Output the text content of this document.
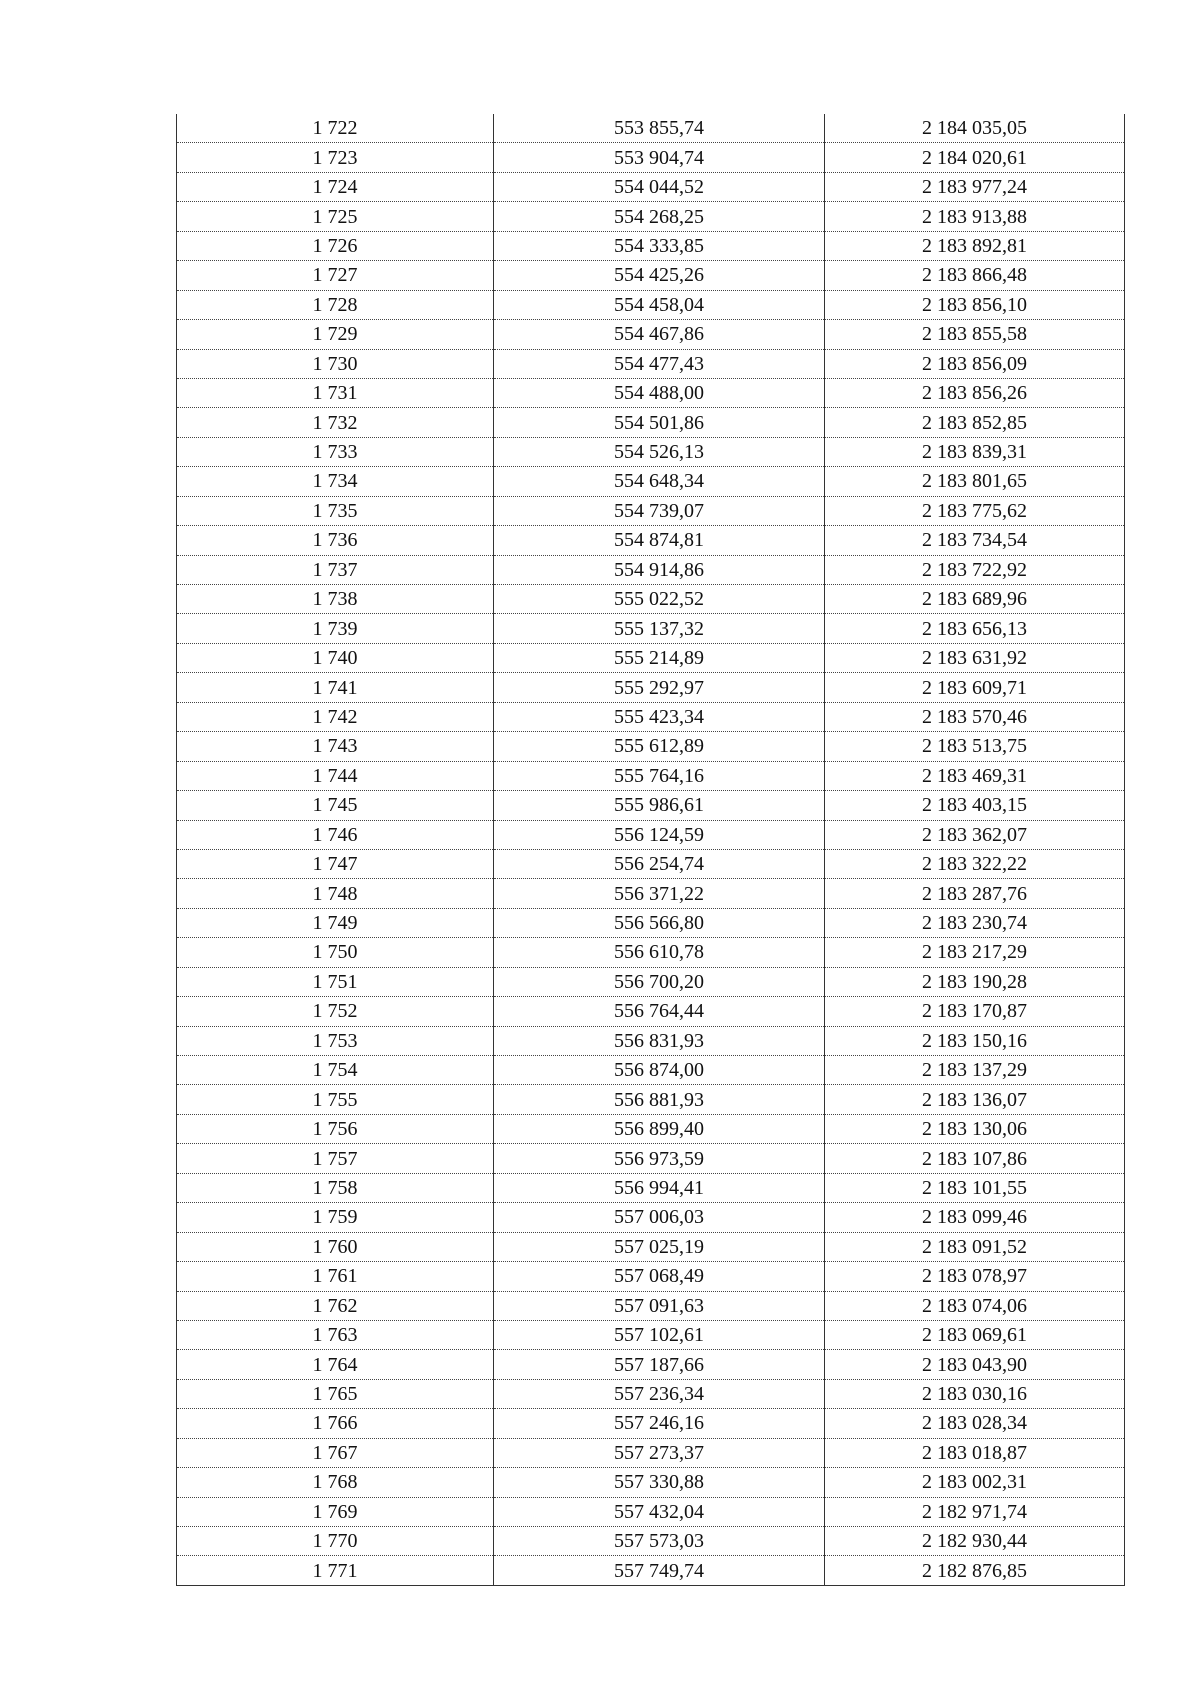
1 722	553 855,74	2 184 035,05
1 723	553 904,74	2 184 020,61
1 724	554 044,52	2 183 977,24
1 725	554 268,25	2 183 913,88
1 726	554 333,85	2 183 892,81
1 727	554 425,26	2 183 866,48
1 728	554 458,04	2 183 856,10
1 729	554 467,86	2 183 855,58
1 730	554 477,43	2 183 856,09
1 731	554 488,00	2 183 856,26
1 732	554 501,86	2 183 852,85
1 733	554 526,13	2 183 839,31
1 734	554 648,34	2 183 801,65
1 735	554 739,07	2 183 775,62
1 736	554 874,81	2 183 734,54
1 737	554 914,86	2 183 722,92
1 738	555 022,52	2 183 689,96
1 739	555 137,32	2 183 656,13
1 740	555 214,89	2 183 631,92
1 741	555 292,97	2 183 609,71
1 742	555 423,34	2 183 570,46
1 743	555 612,89	2 183 513,75
1 744	555 764,16	2 183 469,31
1 745	555 986,61	2 183 403,15
1 746	556 124,59	2 183 362,07
1 747	556 254,74	2 183 322,22
1 748	556 371,22	2 183 287,76
1 749	556 566,80	2 183 230,74
1 750	556 610,78	2 183 217,29
1 751	556 700,20	2 183 190,28
1 752	556 764,44	2 183 170,87
1 753	556 831,93	2 183 150,16
1 754	556 874,00	2 183 137,29
1 755	556 881,93	2 183 136,07
1 756	556 899,40	2 183 130,06
1 757	556 973,59	2 183 107,86
1 758	556 994,41	2 183 101,55
1 759	557 006,03	2 183 099,46
1 760	557 025,19	2 183 091,52
1 761	557 068,49	2 183 078,97
1 762	557 091,63	2 183 074,06
1 763	557 102,61	2 183 069,61
1 764	557 187,66	2 183 043,90
1 765	557 236,34	2 183 030,16
1 766	557 246,16	2 183 028,34
1 767	557 273,37	2 183 018,87
1 768	557 330,88	2 183 002,31
1 769	557 432,04	2 182 971,74
1 770	557 573,03	2 182 930,44
1 771	557 749,74	2 182 876,85
